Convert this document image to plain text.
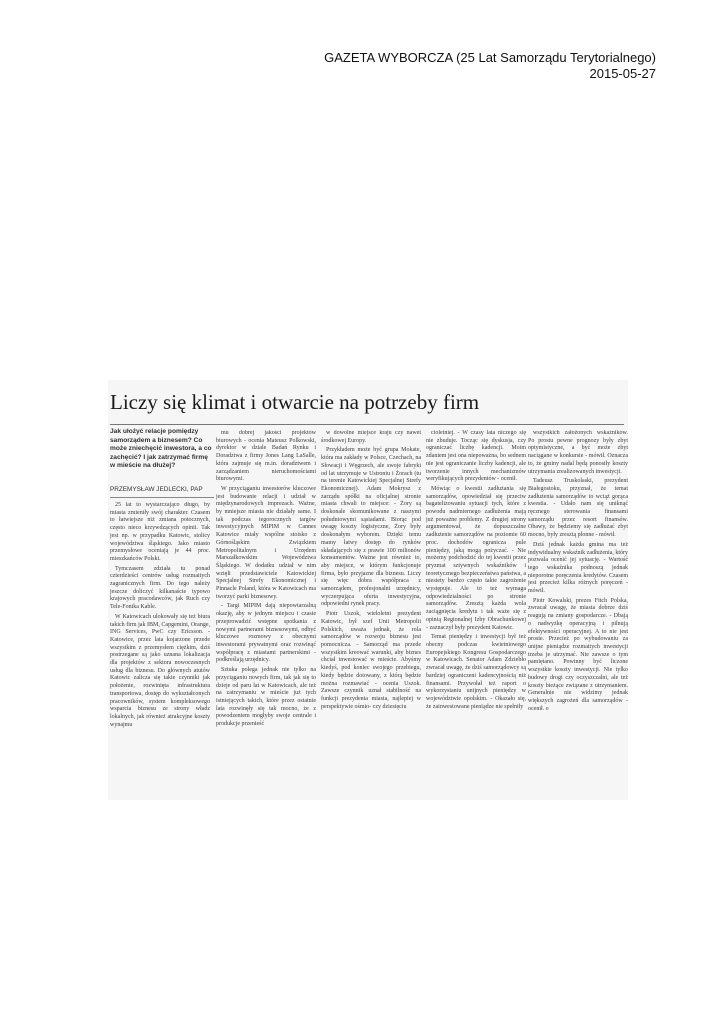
GAZETA WYBORCZA (25 Lat Samorządu Terytorialnego)
2015-05-27
Liczy się klimat i otwarcie na potrzeby firm
Jak ułożyć relacje pomiędzy samorządem a biznesem? Co może zniechęcić inwestora, a co zachęcić? I jak zatrzymać firmę w mieście na dłużej?
PRZEMYSŁAW JEDLECKI, PAP

25 lat to wystarczająco długo, by miasta zmieniły swój charakter. Czasem to łatwiejsze niż zmiana potocznych, często nieco krzywdzących opinii. Tak jest np. w przypadku Katowic, stolicy województwa śląskiego. Jako miasto przemysłowe oceniają je 44 proc. mieszkańców Polski.

Tymczasem zdziała tu ponad czterdzieści centrów usług rozmaitych zagranicznych firm. Do tego należy jeszcze doliczyć kilkanaście typowo krajowych pracodawców, jak Ruch czy Tele-Fonika Kable.

W Katowicach ulokowały się też biura takich firm jak IBM, Capgemini, Orange, ING Services, PwC czy Ericsson. - Katowice, przez lata kojarzone przede wszystkim z przemysłem ciężkim, dziś postrzegane są jako uznana lokalizacja dla projektów z sektora nowoczesnych usług dla biznesu. Do głównych atutów Katowic zalicza się takie czynniki jak położenie, rozwinięta infrastruktura transportowa, dostęp do wykształconych pracowników, system kompleksowego wsparcia biznesu ze strony władz lokalnych, jak również atrakcyjne koszty wynajmu

mu dobrej jakości projektów biurowych - ocenia Mateusz Polkowski, dyrektor w dziale Badań Rynku i Doradztwa z firmy Jones Lang LaSalle, która zajmuje się m.in. doradztwem i zarządzaniem nieruchomościami biurowymi.

W przyciąganiu inwestorów kluczowe jest budowanie relacji i udział w międzynarodowych imprezach. Ważne, by mniejsze miasta nie działały same. I tak podczas tegorocznych targów inwestycyjnych MIPIM w Cannes Katowice miały wspólne stoisko z Górnośląskim Związkiem Metropolitalnym i Urzędem Marszałkowskim Województwa Śląskiego. W dodatku udział w nim wzięli przedstawiciele Katowickiej Specjalnej Strefy Ekonomicznej i Pinnacle Poland, która w Katowicach ma tworzyć parki biznesowy.

- Targi MIPIM dają niepowtarzalną okazję, aby w jednym miejscu i czasie przeprowadzić wstępne spotkania z nowymi partnerami biznesowymi, odbyć kluczowe rozmowy z obecnymi inwestorami prywatnymi oraz rozwinąć współpracę z miastami partnerskimi - podkreślają urzędnicy.

Sztuka polega jednak nie tylko na przyciąganiu nowych firm, tak jak się to dzieje od paru lat w Katowicach, ale też na zatrzymaniu w mieście już tych istniejących takich, które przez ostatnie lata rozwinęły się tak mocno, że z powodzeniem mogłyby swoje centrale i produkcje przenieść

w dowolne miejsce kraju czy nawet środkowej Europy.

Przykładem może być grupa Mokate, która ma zakłady w Polsce, Czechach, na Słowacji i Węgrzech, ale swoje fabryki od lat utrzymuje w Ustroniu i Żorach (tu na terenie Katowickiej Specjalnej Strefy Ekonomicznej). Adam Mokrysz z zarządu spółki na oficjalnej stronie miasta chwali to miejsce: - Żory są doskonale skomunikowane z naszymi południowymi sąsiadami. Biorąc pod uwagę koszty logistyczne, Żory były doskonałym wyborem. Dzięki temu mamy łatwy dostęp do rynków składających się z prawie 100 milionów konsumentów. Ważne jest również to, aby miejsce, w którym funkcjonuje firma, było przyjazne dla biznesu. Liczy się więc dobra współpraca z samorządem, profesjonalni urzędnicy, wyczerpująca oferta inwestycyjna, odpowiedni rynek pracy.

Piotr Uszok, wieloletni prezydent Katowic, był szef Unii Metropolii Polskich, uważa jednak, że rola samorządów w rozwoju biznesu jest pomocnicza. - Samorząd ma przede wszystkim kreować warunki, aby biznes chciał inwestować w mieście. Abyśmy kiedyś, pod koniec swojego przebiegu, kiedy będzie dotowany, z którą będzie można rozmawiać - ocenia Uszok. Zawsze czynnik uznał stabilność na funkcji prezydenta miasta, najlepiej w perspektywie ośmio- czy dziesięciu

cioletniej. - W czasy lata niczego się nie zbuduje. Tocząc się dyskusja, czy ograniczać liczbę kadencji. Moim zdaniem jest ona niepoważna, bo sednem nie jest ograniczanie liczby kadencji, ale tworzenie innych mechanizmów weryfikujących prezydentów - ocenił.

Mówiąc o kwestii zadłużania się samorządów, opowiedział się przeciw bagatelizowaniu sytuacji tych, które z powodu nadmiernego zadłużenia mają już poważne problemy. Z drugiej strony argumentował, że dopuszczalne zadłużenie samorządów na poziomie 60 proc. dochodów ogranicza pule pieniędzy, jaką mogą pożyczać. - Nie możemy podchodzić do tej kwestii przez pryzmat sztywnych wskaźników i teoretycznego bezpieczeństwa państwa, a niestety bardzo często takie zagrożenie występuje. Ale to też wymaga odpowiedzialności po stronie samorządów. Zresztą każda wola zaciągnięcia kredytu i tak waże się z opinią Regionalnej Izby Obrachunkowej - zaznaczył były prezydent Katowic.

Temat pieniędzy i inwestycji był też obecny podczas kwietniowego Europejskiego Kongresu Gospodarczego w Katowicach. Senator Adam Zdziebło zwracał uwagę, że dziś samorządowcy są bardziej ograniczeni kadencyjnością niż finansami. Przywołał też raport o wykorzystaniu unijnych pieniędzy w województwie opolskim. - Okazało się, że zainwestowane pieniądze nie spełniły

wszystkich założonych wskaźników. Po prostu pewne prognozy były zbyt optymistyczne, a być może zbyt naciągane w konkursie - mówił. Oznacza to, że gminy nadal będą ponosiły koszty utrzymania zrealizowanych inwestycji.

Tadeusz Truskolaski, prezydent Białegostoku, przyznał, że temat zadłużenia samorządów to wciąż gorąca kwestia. - Udało nam się uniknąć ręcznego sterowania finansami samorządu przez resort finansów. Obawy, że będziemy się zadłużać zbyt mocno, były zresztą płonne - mówił.

Dziś jednak każda gmina ma też indywidualny wskaźnik zadłużenia, który pozwala ocenić jej sytuację. - Wartość tego wskaźnika podnoszą jednak nieporotne poręczenia kredytów. Czasem jest przecież kilka różnych poręczeń - mówił.

Piotr Kowalski, prezes Fitch Polska, zwracał uwagę, że miasta dobrze dziś reagują na zmiany gospodarcze. - Dbają o nadwyżkę operacyjną i pilnują efektywności operacyjnej. A to nie jest proste. Przecież po wybudowaniu za unijne pieniądze rozmaitych inwestycji trzeba je utrzymać. Nie zawsze o tym pamiętano. Powinny być liczone wszystkie koszty inwestycji. Nie tylko budowy drogi czy oczyszczalni, ale też koszty bieżące związane z utrzymaniem. Generalnie nie widzimy jednak większych zagrożeń dla samorządów - ocenił. o
